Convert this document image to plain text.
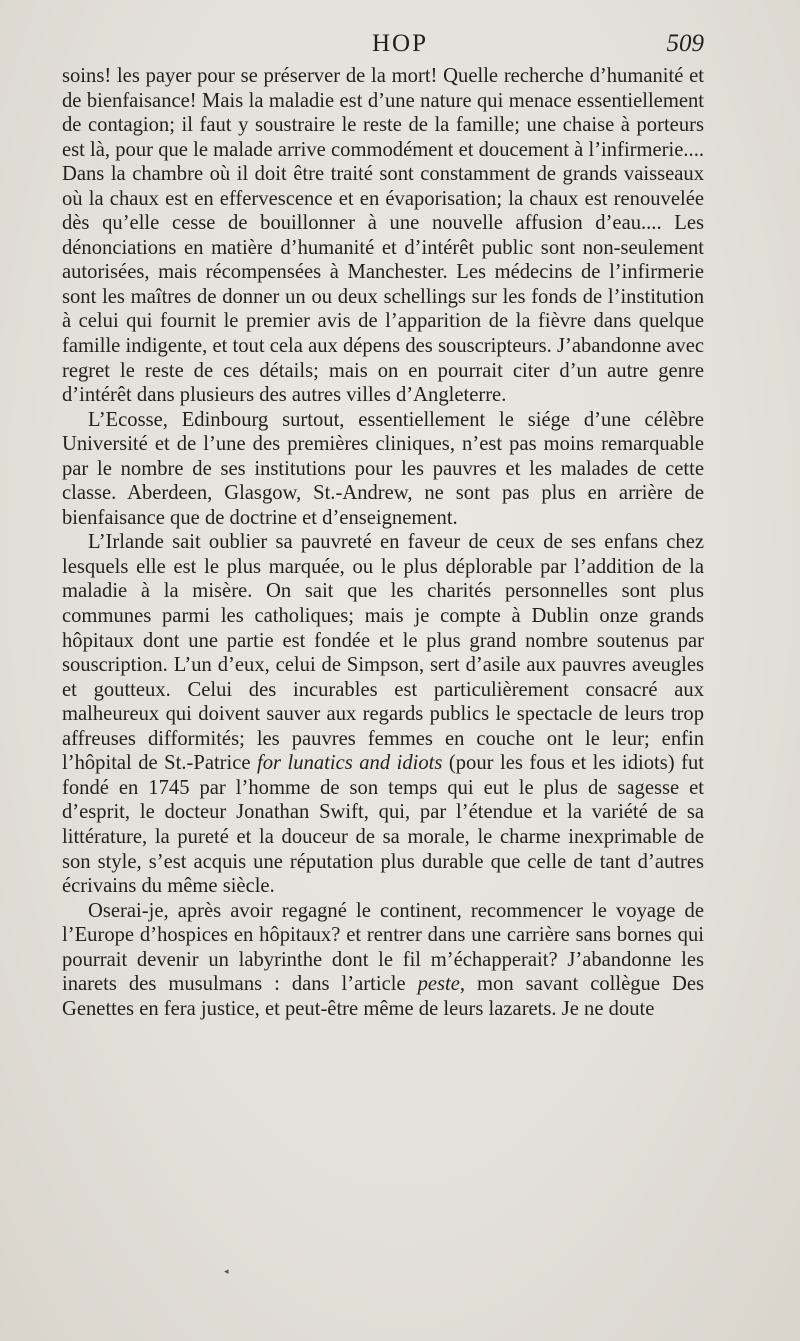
HOP	509

soins! les payer pour se préserver de la mort! Quelle recherche d’humanité et de bienfaisance! Mais la maladie est d’une nature qui menace essentiellement de contagion; il faut y soustraire le reste de la famille; une chaise à porteurs est là, pour que le malade arrive commodément et doucement à l’infirmerie.... Dans la chambre où il doit être traité sont constamment de grands vaisseaux où la chaux est en effervescence et en évaporisation; la chaux est renouvelée dès qu’elle cesse de bouillonner à une nouvelle affusion d’eau.... Les dénonciations en matière d’humanité et d’intérêt public sont non-seulement autorisées, mais récompensées à Manchester. Les médecins de l’infirmerie sont les maîtres de donner un ou deux schellings sur les fonds de l’institution à celui qui fournit le premier avis de l’apparition de la fièvre dans quelque famille indigente, et tout cela aux dépens des souscripteurs. J’abandonne avec regret le reste de ces détails; mais on en pourrait citer d’un autre genre d’intérêt dans plusieurs des autres villes d’Angleterre.

L’Ecosse, Edinbourg surtout, essentiellement le siége d’une célèbre Université et de l’une des premières cliniques, n’est pas moins remarquable par le nombre de ses institutions pour les pauvres et les malades de cette classe. Aberdeen, Glasgow, St.-Andrew, ne sont pas plus en arrière de bienfaisance que de doctrine et d’enseignement.

L’Irlande sait oublier sa pauvreté en faveur de ceux de ses enfans chez lesquels elle est le plus marquée, ou le plus déplorable par l’addition de la maladie à la misère. On sait que les charités personnelles sont plus communes parmi les catholiques; mais je compte à Dublin onze grands hôpitaux dont une partie est fondée et le plus grand nombre soutenus par souscription. L’un d’eux, celui de Simpson, sert d’asile aux pauvres aveugles et goutteux. Celui des incurables est particulièrement consacré aux malheureux qui doivent sauver aux regards publics le spectacle de leurs trop affreuses difformités; les pauvres femmes en couche ont le leur; enfin l’hôpital de St.-Patrice for lunatics and idiots (pour les fous et les idiots) fut fondé en 1745 par l’homme de son temps qui eut le plus de sagesse et d’esprit, le docteur Jonathan Swift, qui, par l’étendue et la variété de sa littérature, la pureté et la douceur de sa morale, le charme inexprimable de son style, s’est acquis une réputation plus durable que celle de tant d’autres écrivains du même siècle.

Oserai-je, après avoir regagné le continent, recommencer le voyage de l’Europe d’hospices en hôpitaux? et rentrer dans une carrière sans bornes qui pourrait devenir un labyrinthe dont le fil m’échapperait? J’abandonne les inarets des musulmans : dans l’article peste, mon savant collègue Des Genettes en fera justice, et peut-être même de leurs lazarets. Je ne doute

◂
